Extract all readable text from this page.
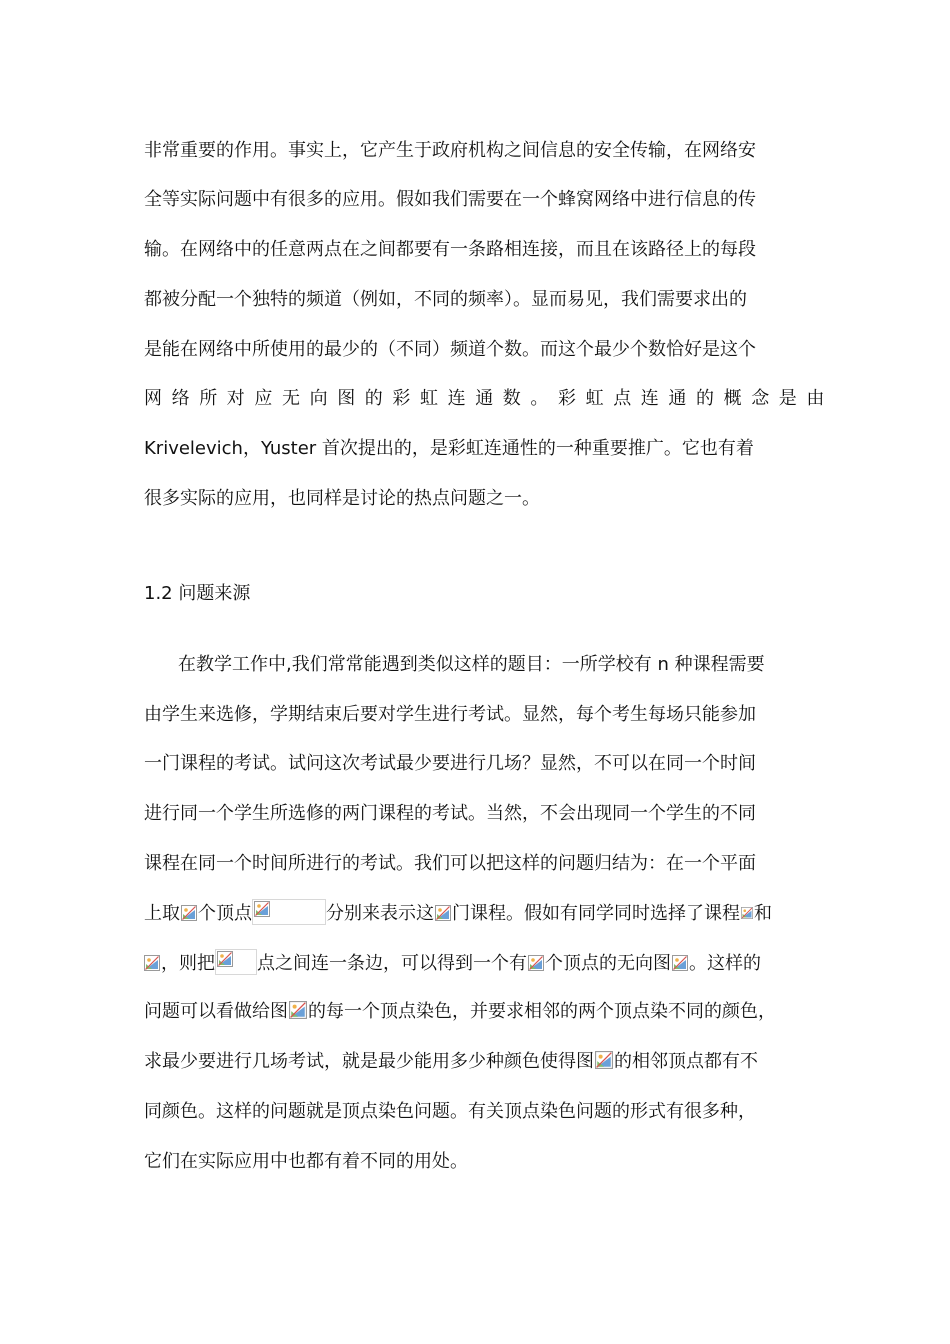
非常重要的作用。事实上，它产生于政府机构之间信息的安全传输，在网络安
全等实际问题中有很多的应用。假如我们需要在一个蜂窝网络中进行信息的传
输。在网络中的任意两点在之间都要有一条路相连接，而且在该路径上的每段
都被分配一个独特的频道（例如，不同的频率）。显而易见，我们需要求出的
是能在网络中所使用的最少的（不同）频道个数。而这个最少个数恰好是这个
网络所对应无向图的彩虹连通数。彩虹点连通的概念是由
Krivelevich，Yuster 首次提出的，是彩虹连通性的一种重要推广。它也有着
很多实际的应用，也同样是讨论的热点问题之一。
1.2 问题来源
在教学工作中,我们常常能遇到类似这样的题目：一所学校有 n 种课程需要
由学生来选修，学期结束后要对学生进行考试。显然，每个考生每场只能参加
一门课程的考试。试问这次考试最少要进行几场？显然，不可以在同一个时间
进行同一个学生所选修的两门课程的考试。当然，不会出现同一个学生的不同
课程在同一个时间所进行的考试。我们可以把这样的问题归结为：在一个平面
上取 个顶点	分别来表示这 门课程。假如有同学同时选择了课程 和
，则把 点之间连一条边，可以得到一个有 个顶点的无向图 。这样的
问题可以看做给图 的每一个顶点染色，并要求相邻的两个顶点染不同的颜色，
求最少要进行几场考试，就是最少能用多少种颜色使得图 的相邻顶点都有不
同颜色。这样的问题就是顶点染色问题。有关顶点染色问题的形式有很多种，
它们在实际应用中也都有着不同的用处。
